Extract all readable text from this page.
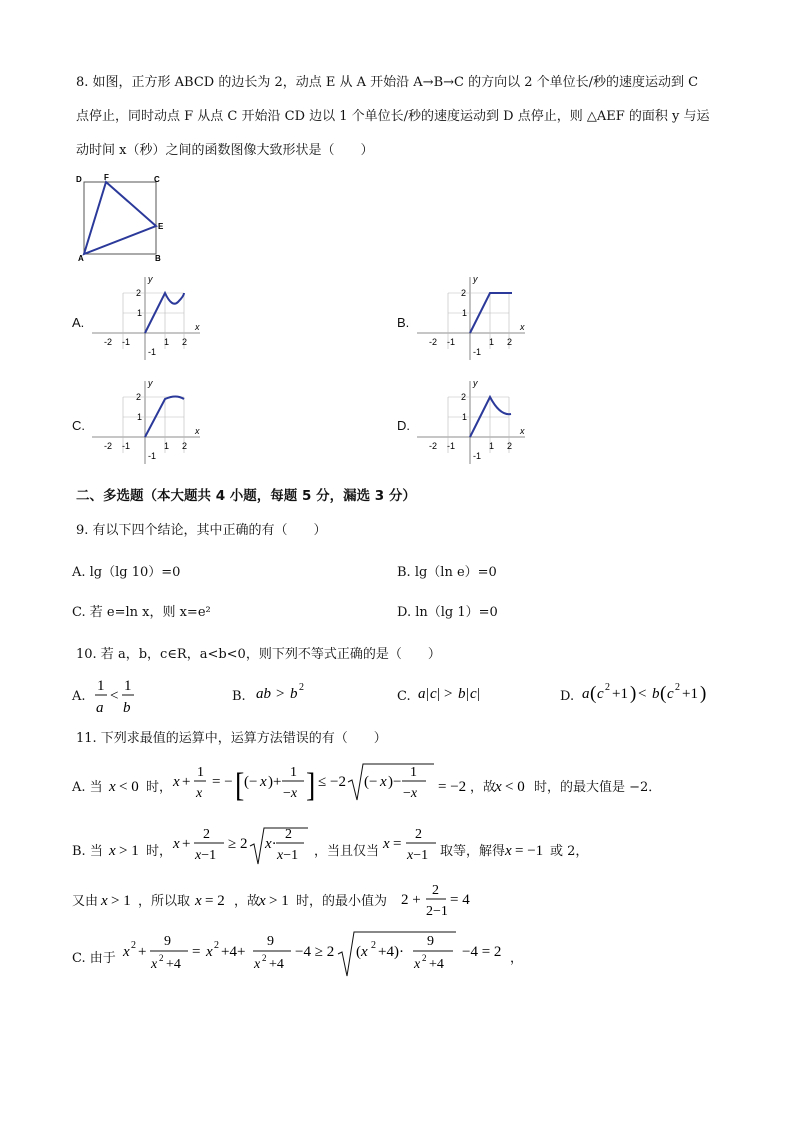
8. 如图，正方形 ABCD 的边长为 2，动点 E 从 A 开始沿 A→B→C 的方向以 2 个单位长/秒的速度运动到 C
点停止，同时动点 F 从点 C 开始沿 CD 边以 1 个单位长/秒的速度运动到 D 点停止，则 △AEF 的面积 y 与运
动时间 x（秒）之间的函数图像大致形状是（　　）
D	F	C
E
A	B
A.	B.
C.	D.
2
1
-2 -1	1 2
-1
y
x
2
1
-2 -1	1 2
-1
y
x
2
1
-2 -1	1 2
-1
y
x
2
1
-2 -1	1 2
-1
y
x
二、多选题（本大题共 4 小题，每题 5 分，漏选 3 分）
9. 有以下四个结论，其中正确的有（　　）
A. lg（lg 10）=0	B. lg（ln e）=0
C. 若 e=ln x，则 x=e²	D. ln（lg 1）=0
10. 若 a，b，c∈R，a<b<0，则下列不等式正确的是（　　）
A.
1
a
<
1
b
B. ab > b 2
C. a | c | > b | c |	D. a ( c 2 +1 ) < b ( c 2 +1 )
11. 下列求最值的运算中，运算方法错误的有（　　）
A. 当 x < 0 时， x +
1
x
= − [ (− x )+
1
−x ] ≤ −2 (− x )−
1
−x = −2 ，故
x < 0 时，的最大值是 −2．
B. 当 x > 1 时， x +
2
x−1
≥ 2 x·
2
x−1 ，当且仅当 x =
2
x−1 取等，解得 x = −1 或 2，
又由 x > 1 ，所以取 x = 2 ，故
x > 1 时，的最小值为 2 +
2
2−1
= 4
C. 由于 x 2 +
9
x 2 +4
= x 2 +4+
9
x 2 +4
−4 ≥ 2 (x 2 +4)·
9
x 2 +4
−4 = 2 ，
